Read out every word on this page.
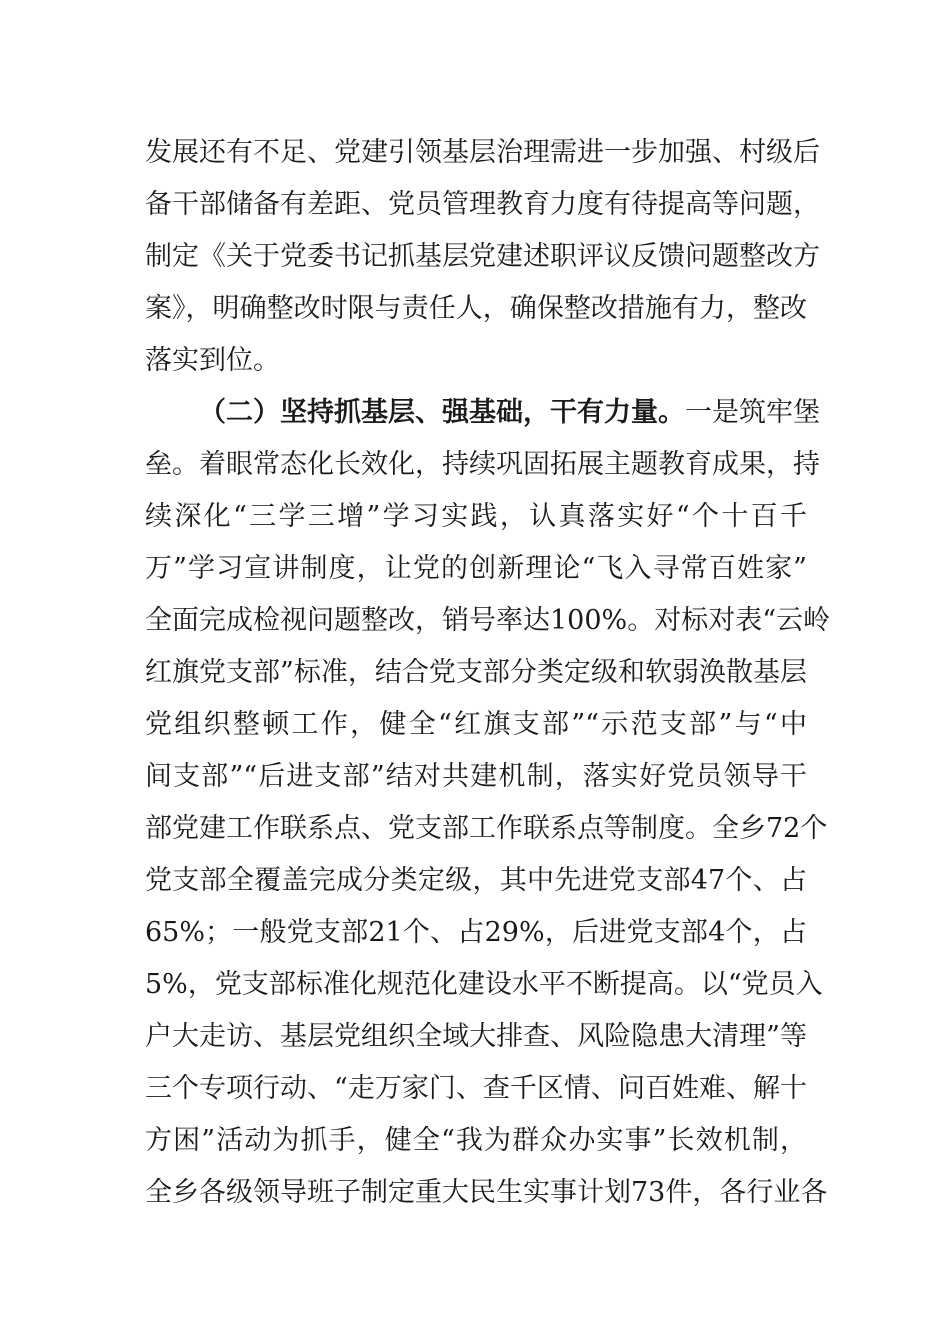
发展还有不足、党建引领基层治理需进一步加强、村级后
备干部储备有差距、党员管理教育力度有待提高等问题，
制定《关于党委书记抓基层党建述职评议反馈问题整改方
案》，明确整改时限与责任人，确保整改措施有力，整改
落实到位。
（二）坚持抓基层、强基础，干有力量。一是筑牢堡
垒。着眼常态化长效化，持续巩固拓展主题教育成果，持
续深化“三学三增”学习实践，认真落实好“个十百千
万”学习宣讲制度，让党的创新理论“飞入寻常百姓家”
全面完成检视问题整改，销号率达100%。对标对表“云岭
红旗党支部”标准，结合党支部分类定级和软弱涣散基层
党组织整顿工作，健全“红旗支部”“示范支部”与“中
间支部”“后进支部”结对共建机制，落实好党员领导干
部党建工作联系点、党支部工作联系点等制度。全乡72个
党支部全覆盖完成分类定级，其中先进党支部47个、占
65%；一般党支部21个、占29%，后进党支部4个，占
5%，党支部标准化规范化建设水平不断提高。以“党员入
户大走访、基层党组织全域大排查、风险隐患大清理”等
三个专项行动、“走万家门、查千区情、问百姓难、解十
方困”活动为抓手，健全“我为群众办实事”长效机制，
全乡各级领导班子制定重大民生实事计划73件，各行业各
